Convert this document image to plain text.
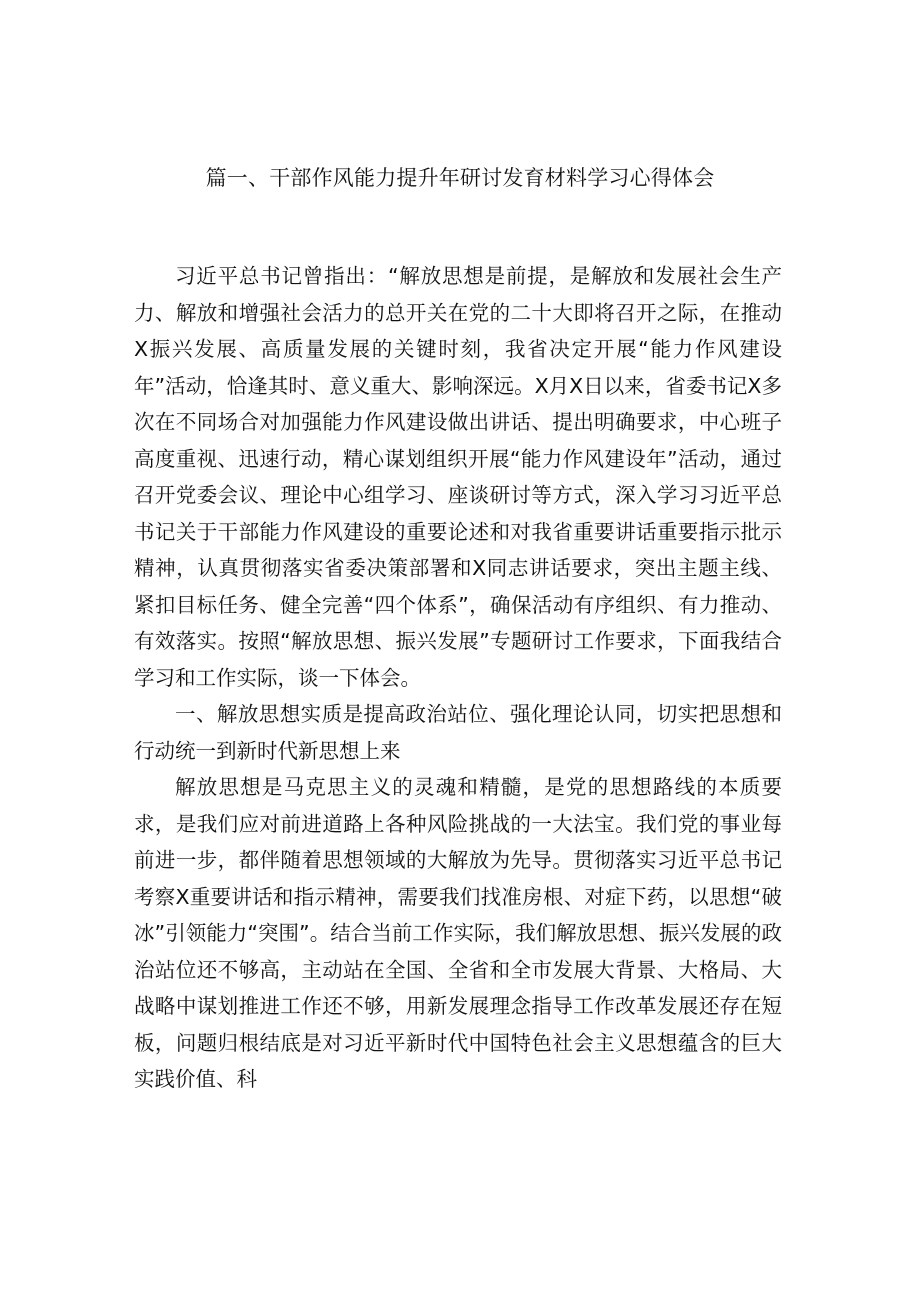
篇一、干部作风能力提升年研讨发育材料学习心得体会

习近平总书记曾指出：“解放思想是前提，是解放和发展社会生产力、解放和增强社会活力的总开关在党的二十大即将召开之际，在推动X振兴发展、高质量发展的关键时刻，我省决定开展“能力作风建设年”活动，恰逢其时、意义重大、影响深远。X月X日以来，省委书记X多次在不同场合对加强能力作风建设做出讲话、提出明确要求，中心班子高度重视、迅速行动，精心谋划组织开展“能力作风建设年”活动，通过召开党委会议、理论中心组学习、座谈研讨等方式，深入学习习近平总书记关于干部能力作风建设的重要论述和对我省重要讲话重要指示批示精神，认真贯彻落实省委决策部署和X同志讲话要求，突出主题主线、紧扣目标任务、健全完善“四个体系”，确保活动有序组织、有力推动、有效落实。按照“解放思想、振兴发展”专题研讨工作要求，下面我结合学习和工作实际，谈一下体会。

一、解放思想实质是提高政治站位、强化理论认同，切实把思想和行动统一到新时代新思想上来

解放思想是马克思主义的灵魂和精髓，是党的思想路线的本质要求，是我们应对前进道路上各种风险挑战的一大法宝。我们党的事业每前进一步，都伴随着思想领域的大解放为先导。贯彻落实习近平总书记考察X重要讲话和指示精神，需要我们找准房根、对症下药，以思想“破冰”引领能力“突围”。结合当前工作实际，我们解放思想、振兴发展的政治站位还不够高，主动站在全国、全省和全市发展大背景、大格局、大战略中谋划推进工作还不够，用新发展理念指导工作改革发展还存在短板，问题归根结底是对习近平新时代中国特色社会主义思想蕴含的巨大实践价值、科
